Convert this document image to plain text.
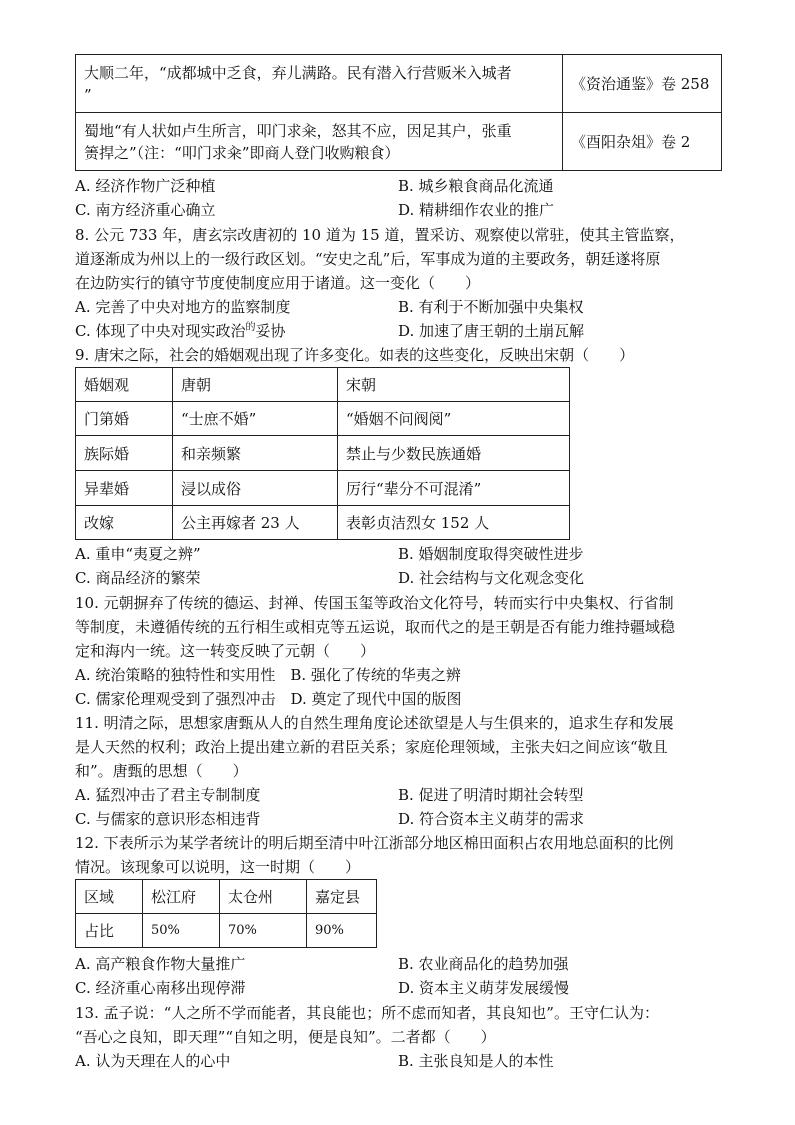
大顺二年，“成都城中乏食，弃儿满路。民有潜入行营贩米入城者
”	《资治通鉴》卷 258

蜀地“有人状如卢生所言，叩门求籴，怒其不应，因足其户，张重
箦捍之”（注：“叩门求籴”即商人登门收购粮食）	《酉阳杂俎》卷 2
A. 经济作物广泛种植	B. 城乡粮食商品化流通
C. 南方经济重心确立	D. 精耕细作农业的推广
8. 公元 733 年，唐玄宗改唐初的 10 道为 15 道，置采访、观察使以常驻，使其主管监察，
道逐渐成为州以上的一级行政区划。“安史之乱”后，军事成为道的主要政务，朝廷遂将原
在边防实行的镇守节度使制度应用于诸道。这一变化（　　）
A. 完善了中央对地方的监察制度	B. 有利于不断加强中央集权
C. 体现了中央对现实政治$^的$妥协	D. 加速了唐王朝的土崩瓦解
9. 唐宋之际，社会的婚姻观出现了许多变化。如表的这些变化，反映出宋朝（　　）
婚姻观	唐朝	宋朝
门第婚	“士庶不婚”	“婚姻不问阀阅”
族际婚	和亲频繁	禁止与少数民族通婚
异辈婚	浸以成俗	厉行“辈分不可混淆”
改嫁	公主再嫁者 23 人	表彰贞洁烈女 152 人
A. 重申“夷夏之辨”	B. 婚姻制度取得突破性进步
C. 商品经济的繁荣	D. 社会结构与文化观念变化
10. 元朝摒弃了传统的德运、封禅、传国玉玺等政治文化符号，转而实行中央集权、行省制
等制度，未遵循传统的五行相生或相克等五运说，取而代之的是王朝是否有能力维持疆域稳
定和海内一统。这一转变反映了元朝（　　）
A. 统治策略的独特性和实用性　B. 强化了传统的华夷之辨
C. 儒家伦理观受到了强烈冲击　D. 奠定了现代中国的版图
11. 明清之际，思想家唐甄从人的自然生理角度论述欲望是人与生俱来的，追求生存和发展
是人天然的权利；政治上提出建立新的君臣关系；家庭伦理领域，主张夫妇之间应该“敬且
和”。唐甄的思想（　　）
A. 猛烈冲击了君主专制制度	B. 促进了明清时期社会转型
C. 与儒家的意识形态相违背	D. 符合资本主义萌芽的需求
12. 下表所示为某学者统计的明后期至清中叶江浙部分地区棉田面积占农用地总面积的比例
情况。该现象可以说明，这一时期（　　）
区域	松江府	太仓州	嘉定县
占比	50%	70%	90%
A. 高产粮食作物大量推广	B. 农业商品化的趋势加强
C. 经济重心南移出现停滞	D. 资本主义萌芽发展缓慢
13. 孟子说：“人之所不学而能者，其良能也；所不虑而知者，其良知也”。王守仁认为：
“吾心之良知，即天理”“自知之明，便是良知”。二者都（　　）
A. 认为天理在人的心中	B. 主张良知是人的本性
